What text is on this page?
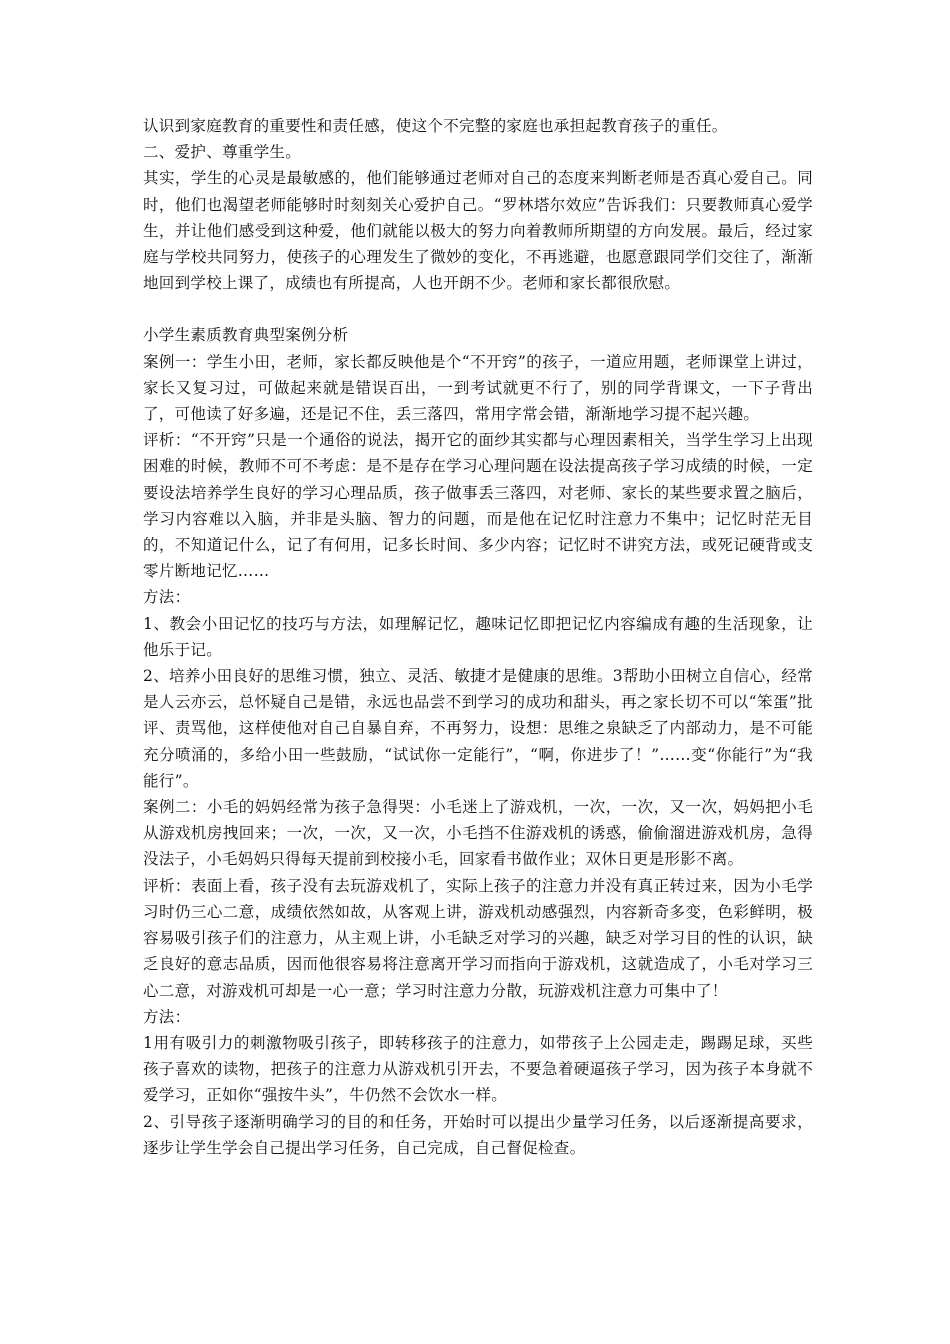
认识到家庭教育的重要性和责任感，使这个不完整的家庭也承担起教育孩子的重任。

二、爱护、尊重学生。

其实，学生的心灵是最敏感的，他们能够通过老师对自己的态度来判断老师是否真心爱自己。同时，他们也渴望老师能够时时刻刻关心爱护自己。“罗林塔尔效应”告诉我们：只要教师真心爱学生，并让他们感受到这种爱，他们就能以极大的努力向着教师所期望的方向发展。最后，经过家庭与学校共同努力，使孩子的心理发生了微妙的变化，不再逃避，也愿意跟同学们交往了，渐渐地回到学校上课了，成绩也有所提高，人也开朗不少。老师和家长都很欣慰。

小学生素质教育典型案例分析

案例一：学生小田，老师，家长都反映他是个“不开窍”的孩子，一道应用题，老师课堂上讲过，家长又复习过，可做起来就是错误百出，一到考试就更不行了，别的同学背课文，一下子背出了，可他读了好多遍，还是记不住，丢三落四，常用字常会错，渐渐地学习提不起兴趣。

评析：“不开窍”只是一个通俗的说法，揭开它的面纱其实都与心理因素相关，当学生学习上出现困难的时候，教师不可不考虑：是不是存在学习心理问题在设法提高孩子学习成绩的时候，一定要设法培养学生良好的学习心理品质，孩子做事丢三落四，对老师、家长的某些要求置之脑后，学习内容难以入脑，并非是头脑、智力的问题，而是他在记忆时注意力不集中；记忆时茫无目的，不知道记什么，记了有何用，记多长时间、多少内容；记忆时不讲究方法，或死记硬背或支零片断地记忆……

方法：

1、教会小田记忆的技巧与方法，如理解记忆，趣味记忆即把记忆内容编成有趣的生活现象，让他乐于记。

2、培养小田良好的思维习惯，独立、灵活、敏捷才是健康的思维。3帮助小田树立自信心，经常是人云亦云，总怀疑自己是错，永远也品尝不到学习的成功和甜头，再之家长切不可以“笨蛋”批评、责骂他，这样使他对自己自暴自弃，不再努力，设想：思维之泉缺乏了内部动力，是不可能充分喷涌的，多给小田一些鼓励，“试试你一定能行”，“啊，你进步了！”……变“你能行”为“我能行”。

案例二：小毛的妈妈经常为孩子急得哭：小毛迷上了游戏机，一次，一次，又一次，妈妈把小毛从游戏机房拽回来；一次，一次，又一次，小毛挡不住游戏机的诱惑，偷偷溜进游戏机房，急得没法子，小毛妈妈只得每天提前到校接小毛，回家看书做作业；双休日更是形影不离。

评析：表面上看，孩子没有去玩游戏机了，实际上孩子的注意力并没有真正转过来，因为小毛学习时仍三心二意，成绩依然如故，从客观上讲，游戏机动感强烈，内容新奇多变，色彩鲜明，极容易吸引孩子们的注意力，从主观上讲，小毛缺乏对学习的兴趣，缺乏对学习目的性的认识，缺乏良好的意志品质，因而他很容易将注意离开学习而指向于游戏机，这就造成了，小毛对学习三心二意，对游戏机可却是一心一意；学习时注意力分散，玩游戏机注意力可集中了！

方法：

1用有吸引力的刺激物吸引孩子，即转移孩子的注意力，如带孩子上公园走走，踢踢足球，买些孩子喜欢的读物，把孩子的注意力从游戏机引开去，不要急着硬逼孩子学习，因为孩子本身就不爱学习，正如你“强按牛头”，牛仍然不会饮水一样。

2、引导孩子逐渐明确学习的目的和任务，开始时可以提出少量学习任务，以后逐渐提高要求，逐步让学生学会自己提出学习任务，自己完成，自己督促检查。
